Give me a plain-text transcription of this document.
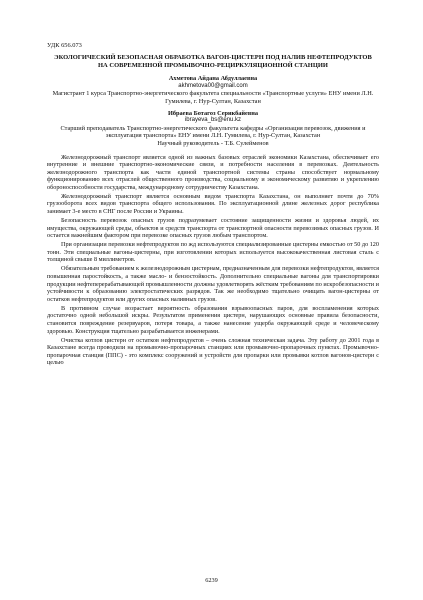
УДК 656.073
ЭКОЛОГИЧЕСКИЙ БЕЗОПАСНАЯ ОБРАБОТКА ВАГОН-ЦИСТЕРН ПОД НАЛИВ НЕФТЕПРОДУКТОВ НА СОВРЕМЕННОЙ ПРОМЫВОЧНО-РЕЦИРКУЛЯЦИОННОЙ СТАНЦИИ
Ахметова Айдана Абдуллаевна
akhmetova00@gmail.com
Магистрант 1 курса Транспортно-энергетического факультета специальности «Транспортные услуги» ЕНУ имени Л.Н. Гумилева, г. Нур-Султан, Казахстан
Ибраева Ботагоз Серикбайевна
ibrayeva_bs@enu.kz
Старший преподаватель Транспортно-энергетического факультета кафедры «Организация перевозок, движения и эксплуатация транспорта» ЕНУ имени Л.Н. Гумилева, г. Нур-Султан, Казахстан
Научный руководитель - Т.Б. Сулейменов

Железнодорожный транспорт является одной из важных базовых отраслей экономики Казахстана, обеспечивает его внутренние и внешние транспортно-экономические связи, и потребности населения в перевозках. Деятельность железнодорожного транспорта как части единой транспортной системы страны способствует нормальному функционированию всех отраслей общественного производства, социальному и экономическому развитию и укреплению обороноспособности государства, международному сотрудничеству Казахстана.

Железнодорожный транспорт является основным видом транспорта Казахстана, он выполняет почти до 70% грузооборота всех видов транспорта общего использования. По эксплуатационной длине железных дорог республика занимает 3-е место в СНГ после России и Украины.

Безопасность перевозок опасных грузов подразумевает состояние защищенности жизни и здоровья людей, их имущества, окружающей среды, объектов и средств транспорта от транспортной опасности перевозимых опасных грузов. И остается важнейшим фактором при перевозке опасных грузов любым транспортом.

При организации перевозки нефтепродуктов по жд используются специализированные цистерны емкостью от 50 до 120 тонн. Эти специальные вагоны-цистерны, при изготовлении которых используется высококачественная листовая сталь с толщиной свыше 8 миллиметров.

Обязательным требованием к железнодорожным цистернам, предназначенным для перевозки нефтепродуктов, является повышенная паростойкость, а также масло- и бензостойкость. Дополнительно специальные вагоны для транспортировки продукции нефтеперерабатывающей промышленности должны удовлетворять жёстким требованиям по искробезопасности и устойчивости к образованию электростатических разрядов. Так же необходимо тщательно очищать вагон-цистерны от остатков нефтепродуктов или других опасных наливных грузов.

В противном случае возрастает вероятность образования взрывоопасных паров, для воспламенения которых достаточно одной небольшой искры. Результатом применения цистерн, нарушающих основные правила безопасности, становится повреждение резервуаров, потеря товара, а также нанесение ущерба окружающей среде и человеческому здоровью. Конструкция тщательно разрабатывается инженерами.

Очистка котлов цистерн от остатков нефтепродуктов – очень сложная техническая задача. Эту работу до 2001 года в Казахстане всегда проводили на промывочно-пропарочных станциях или промывочно-пропарочных пунктах. Промывочно-пропарочная станция (ППС) - это комплекс сооружений и устройств для пропарки или промывки котлов вагонов-цистерн с целью

6239
